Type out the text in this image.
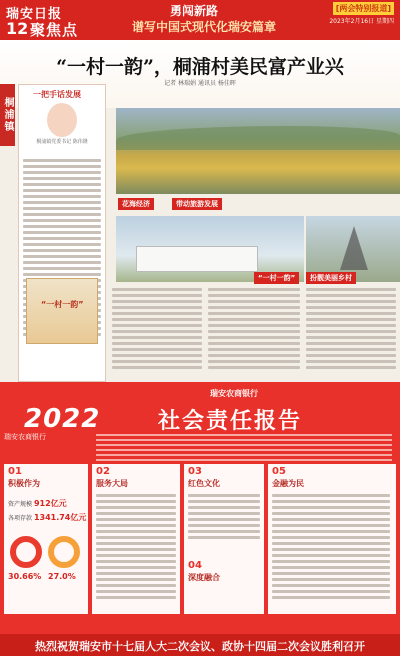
瑞安日报
12 聚焦点
勇闯新路
谱写中国式现代化瑞安篇章
[两会特别报道]
2023年2月16日 星期四
“一村一韵”，桐浦村美民富产业兴
记者 林瑞娟 通讯员 杨佳晖
桐浦镇
一把手话发展
桐浦镇党委书记 陈伟隆
“一村一韵”
花海经济	带动旅游发展
“一村一韵”	扮靓美丽乡村
瑞安农商银行
2022	社会责任报告
瑞安农商银行
01
积极作为
资产规模 912亿元
各项存款 1341.74亿元
30.66% 27.0%
02
服务大局
03
红色文化
04
深度融合
05
金融为民
热烈祝贺瑞安市十七届人大二次会议、政协十四届二次会议胜利召开
